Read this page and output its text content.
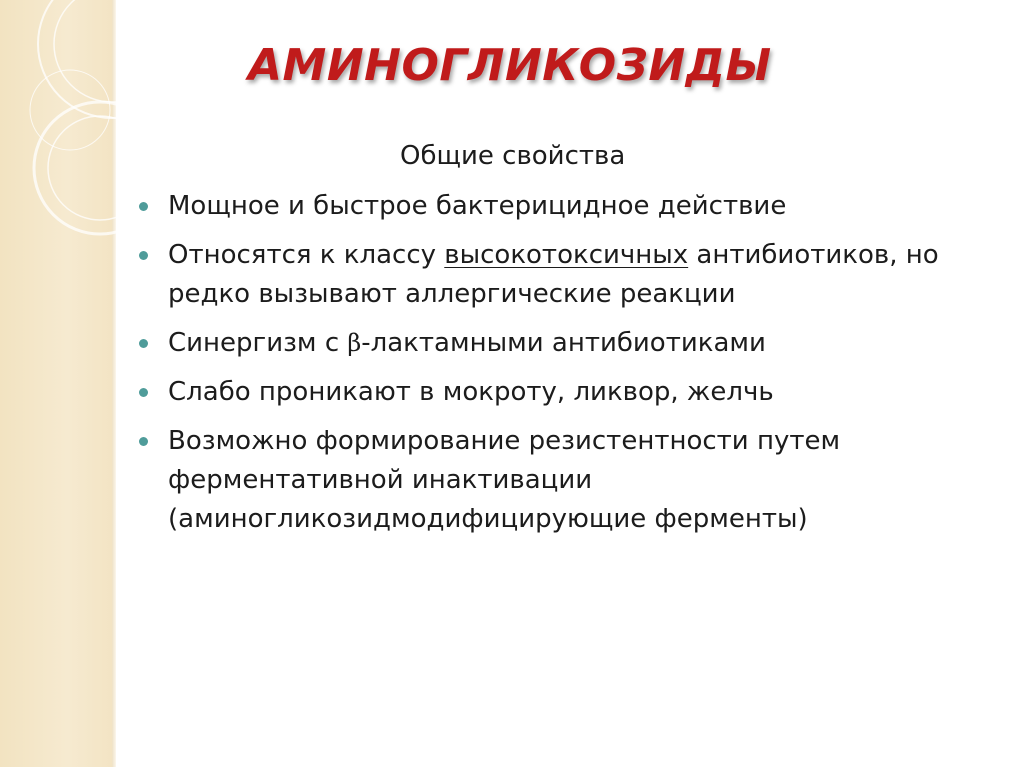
АМИНОГЛИКОЗИДЫ
Общие свойства
Мощное и быстрое бактерицидное действие
Относятся к классу высокотоксичных антибиотиков, но редко вызывают аллергические реакции
Синергизм с β-лактамными антибиотиками
Слабо проникают в мокроту, ликвор, желчь
Возможно формирование резистентности путем ферментативной инактивации (аминогликозидмодифицирующие ферменты)
